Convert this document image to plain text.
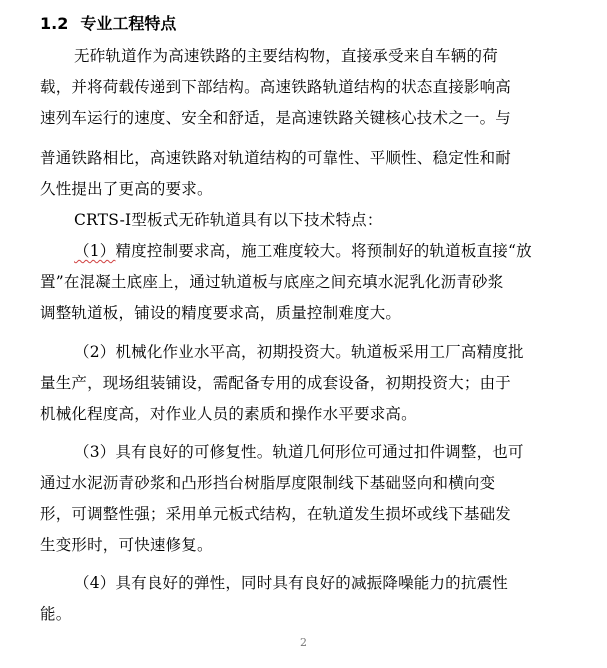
1.2 专业工程特点
无砟轨道作为高速铁路的主要结构物，直接承受来自车辆的荷
载，并将荷载传递到下部结构。高速铁路轨道结构的状态直接影响高
速列车运行的速度、安全和舒适，是高速铁路关键核心技术之一。与
普通铁路相比，高速铁路对轨道结构的可靠性、平顺性、稳定性和耐
久性提出了更高的要求。
CRTS-I型板式无砟轨道具有以下技术特点：
（1）精度控制要求高，施工难度较大。将预制好的轨道板直接“放
置”在混凝土底座上，通过轨道板与底座之间充填水泥乳化沥青砂浆
调整轨道板，铺设的精度要求高，质量控制难度大。
（2）机械化作业水平高，初期投资大。轨道板采用工厂高精度批
量生产，现场组装铺设，需配备专用的成套设备，初期投资大；由于
机械化程度高，对作业人员的素质和操作水平要求高。
（3）具有良好的可修复性。轨道几何形位可通过扣件调整，也可
通过水泥沥青砂浆和凸形挡台树脂厚度限制线下基础竖向和横向变
形，可调整性强；采用单元板式结构，在轨道发生损坏或线下基础发
生变形时，可快速修复。
（4）具有良好的弹性，同时具有良好的减振降噪能力的抗震性
能。
2
